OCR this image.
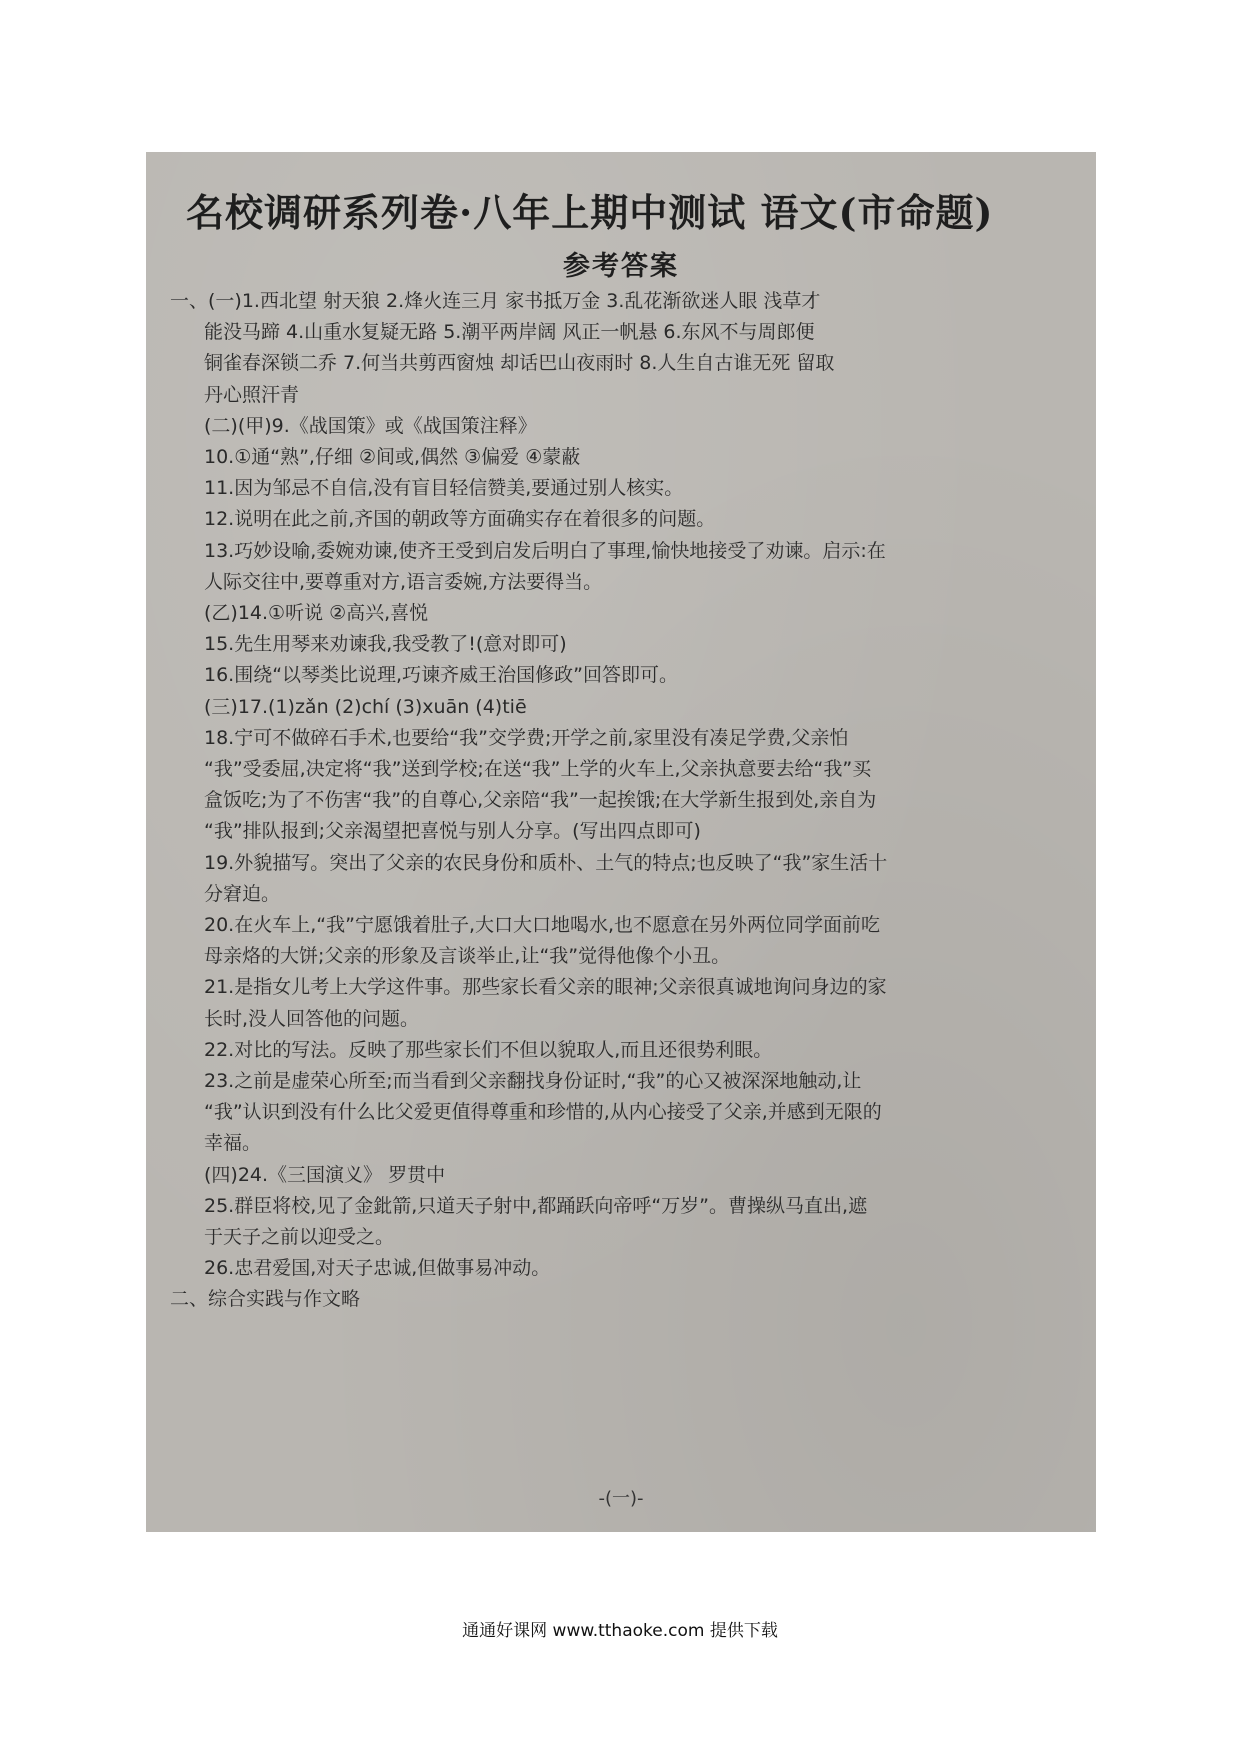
名校调研系列卷·八年上期中测试 语文(市命题)
参考答案
一、(一)1.西北望 射天狼 2.烽火连三月 家书抵万金 3.乱花渐欲迷人眼 浅草才
能没马蹄 4.山重水复疑无路 5.潮平两岸阔 风正一帆悬 6.东风不与周郎便
铜雀春深锁二乔 7.何当共剪西窗烛 却话巴山夜雨时 8.人生自古谁无死 留取
丹心照汗青
(二)(甲)9.《战国策》或《战国策注释》
10.①通“熟”,仔细 ②间或,偶然 ③偏爱 ④蒙蔽
11.因为邹忌不自信,没有盲目轻信赞美,要通过别人核实。
12.说明在此之前,齐国的朝政等方面确实存在着很多的问题。
13.巧妙设喻,委婉劝谏,使齐王受到启发后明白了事理,愉快地接受了劝谏。启示:在
人际交往中,要尊重对方,语言委婉,方法要得当。
(乙)14.①听说 ②高兴,喜悦
15.先生用琴来劝谏我,我受教了!(意对即可)
16.围绕“以琴类比说理,巧谏齐威王治国修政”回答即可。
(三)17.(1)zǎn (2)chí (3)xuān (4)tiē
18.宁可不做碎石手术,也要给“我”交学费;开学之前,家里没有凑足学费,父亲怕
“我”受委屈,决定将“我”送到学校;在送“我”上学的火车上,父亲执意要去给“我”买
盒饭吃;为了不伤害“我”的自尊心,父亲陪“我”一起挨饿;在大学新生报到处,亲自为
“我”排队报到;父亲渴望把喜悦与别人分享。(写出四点即可)
19.外貌描写。突出了父亲的农民身份和质朴、土气的特点;也反映了“我”家生活十
分窘迫。
20.在火车上,“我”宁愿饿着肚子,大口大口地喝水,也不愿意在另外两位同学面前吃
母亲烙的大饼;父亲的形象及言谈举止,让“我”觉得他像个小丑。
21.是指女儿考上大学这件事。那些家长看父亲的眼神;父亲很真诚地询问身边的家
长时,没人回答他的问题。
22.对比的写法。反映了那些家长们不但以貌取人,而且还很势利眼。
23.之前是虚荣心所至;而当看到父亲翻找身份证时,“我”的心又被深深地触动,让
“我”认识到没有什么比父爱更值得尊重和珍惜的,从内心接受了父亲,并感到无限的
幸福。
(四)24.《三国演义》 罗贯中
25.群臣将校,见了金鈚箭,只道天子射中,都踊跃向帝呼“万岁”。曹操纵马直出,遮
于天子之前以迎受之。
26.忠君爱国,对天子忠诚,但做事易冲动。
二、综合实践与作文略
-(一)-
通通好课网 www.tthaoke.com 提供下载
